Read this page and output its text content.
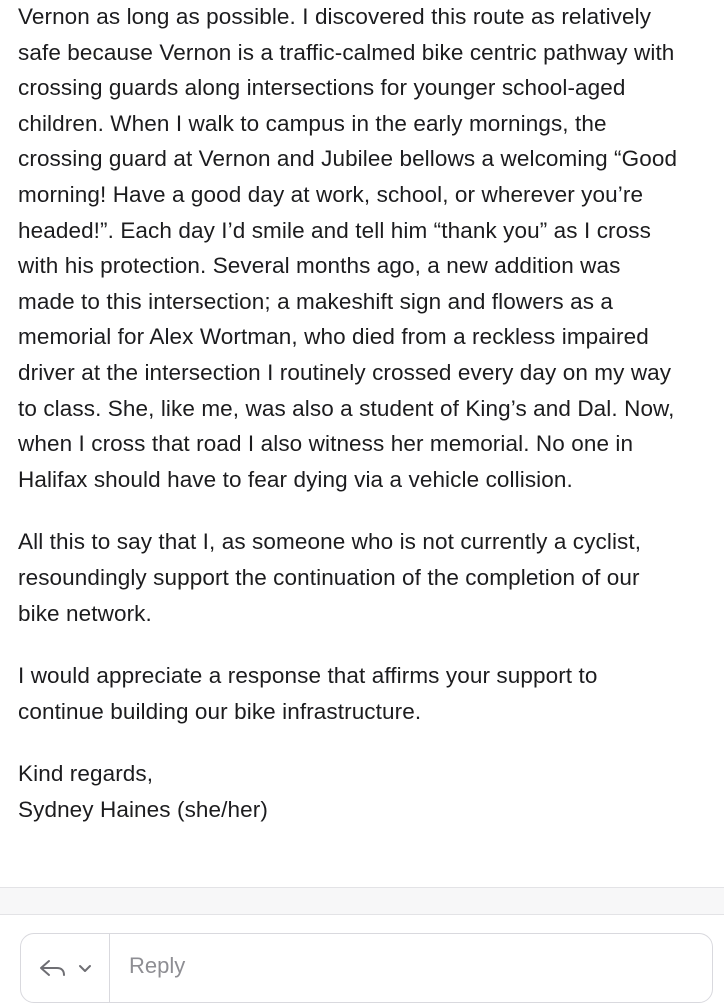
Vernon as long as possible. I discovered this route as relatively
safe because Vernon is a traffic-calmed bike centric pathway with
crossing guards along intersections for younger school-aged
children. When I walk to campus in the early mornings, the
crossing guard at Vernon and Jubilee bellows a welcoming “Good
morning! Have a good day at work, school, or wherever you’re
headed!”. Each day I’d smile and tell him “thank you” as I cross
with his protection. Several months ago, a new addition was
made to this intersection; a makeshift sign and flowers as a
memorial for Alex Wortman, who died from a reckless impaired
driver at the intersection I routinely crossed every day on my way
to class. She, like me, was also a student of King’s and Dal. Now,
when I cross that road I also witness her memorial. No one in
Halifax should have to fear dying via a vehicle collision.

All this to say that I, as someone who is not currently a cyclist,
resoundingly support the continuation of the completion of our
bike network.

I would appreciate a response that affirms your support to
continue building our bike infrastructure.

Kind regards,
Sydney Haines (she/her)

Reply
